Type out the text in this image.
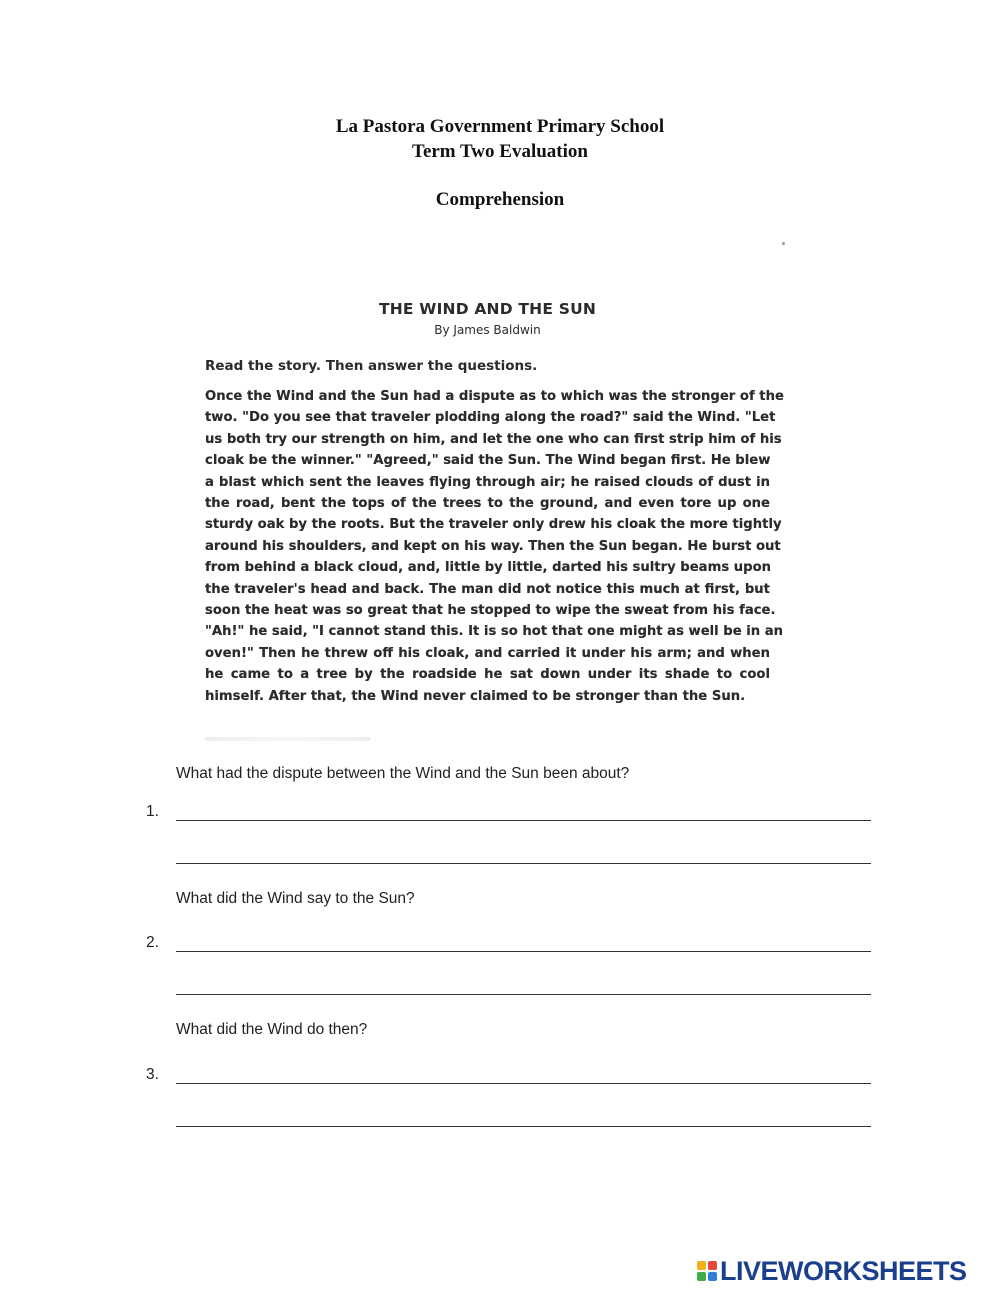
La Pastora Government Primary School
Term Two Evaluation
Comprehension
THE WIND AND THE SUN
By James Baldwin
Read the story. Then answer the questions.
Once the Wind and the Sun had a dispute as to which was the stronger of the
two. "Do you see that traveler plodding along the road?" said the Wind. "Let
us both try our strength on him, and let the one who can first strip him of his
cloak be the winner." "Agreed," said the Sun. The Wind began first. He blew
a blast which sent the leaves flying through air; he raised clouds of dust in
the road, bent the tops of the trees to the ground, and even tore up one
sturdy oak by the roots. But the traveler only drew his cloak the more tightly
around his shoulders, and kept on his way. Then the Sun began. He burst out
from behind a black cloud, and, little by little, darted his sultry beams upon
the traveler's head and back. The man did not notice this much at first, but
soon the heat was so great that he stopped to wipe the sweat from his face.
"Ah!" he said, "I cannot stand this. It is so hot that one might as well be in an
oven!" Then he threw off his cloak, and carried it under his arm; and when
he came to a tree by the roadside he sat down under its shade to cool
himself. After that, the Wind never claimed to be stronger than the Sun.
What had the dispute between the Wind and the Sun been about?
1.
What did the Wind say to the Sun?
2.
What did the Wind do then?
3.
LIVEWORKSHEETS
